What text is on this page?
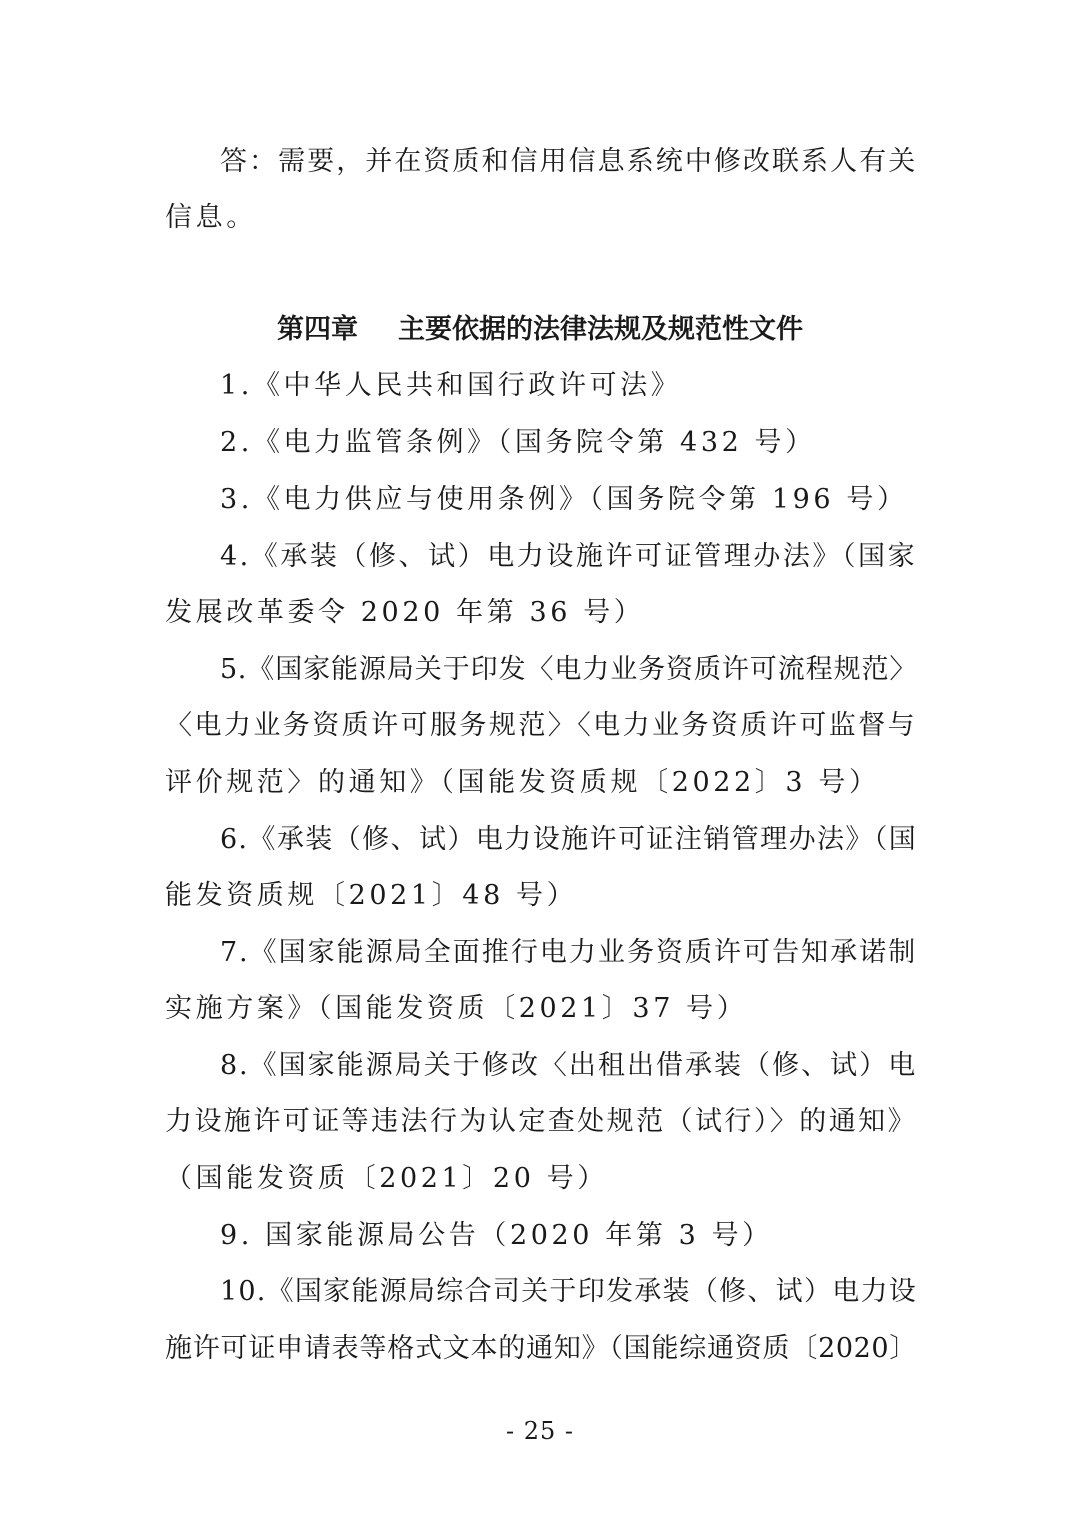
答：需要，并在资质和信用信息系统中修改联系人有关
信息。
第四章 主要依据的法律法规及规范性文件
1.《中华人民共和国行政许可法》
2.《电力监管条例》（国务院令第 432 号）
3.《电力供应与使用条例》（国务院令第 196 号）
4.《承装（修、试）电力设施许可证管理办法》（国家
发展改革委令 2020 年第 36 号）
5.《国家能源局关于印发〈电力业务资质许可流程规范〉
〈电力业务资质许可服务规范〉〈电力业务资质许可监督与
评价规范〉的通知》（国能发资质规〔2022〕3 号）
6.《承装（修、试）电力设施许可证注销管理办法》（国
能发资质规〔2021〕48 号）
7.《国家能源局全面推行电力业务资质许可告知承诺制
实施方案》（国能发资质〔2021〕37 号）
8.《国家能源局关于修改〈出租出借承装（修、试）电
力设施许可证等违法行为认定查处规范（试行）〉的通知》
（国能发资质〔2021〕20 号）
9. 国家能源局公告（2020 年第 3 号）
10.《国家能源局综合司关于印发承装（修、试）电力设
施许可证申请表等格式文本的通知》（国能综通资质〔2020〕
- 25 -
